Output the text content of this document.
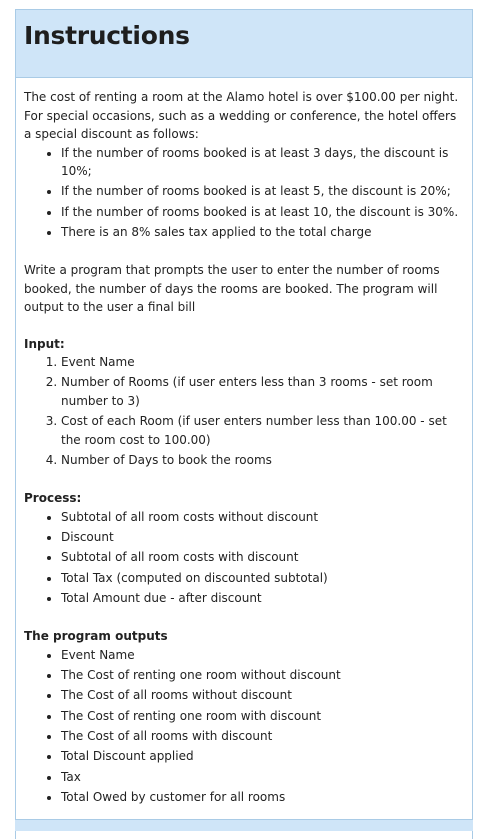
Instructions

The cost of renting a room at the Alamo hotel is over $100.00 per night. For special occasions, such as a wedding or conference, the hotel offers a special discount as follows:

• If the number of rooms booked is at least 3 days, the discount is 10%;
• If the number of rooms booked is at least 5, the discount is 20%;
• If the number of rooms booked is at least 10, the discount is 30%.
• There is an 8% sales tax applied to the total charge

Write a program that prompts the user to enter the number of rooms booked, the number of days the rooms are booked. The program will output to the user a final bill

Input:

1. Event Name
2. Number of Rooms (if user enters less than 3 rooms - set room number to 3)
3. Cost of each Room (if user enters number less than 100.00 - set the room cost to 100.00)
4. Number of Days to book the rooms

Process:

• Subtotal of all room costs without discount
• Discount
• Subtotal of all room costs with discount
• Total Tax (computed on discounted subtotal)
• Total Amount due - after discount

The program outputs

• Event Name
• The Cost of renting one room without discount
• The Cost of all rooms without discount
• The Cost of renting one room with discount
• The Cost of all rooms with discount
• Total Discount applied
• Tax
• Total Owed by customer for all rooms
